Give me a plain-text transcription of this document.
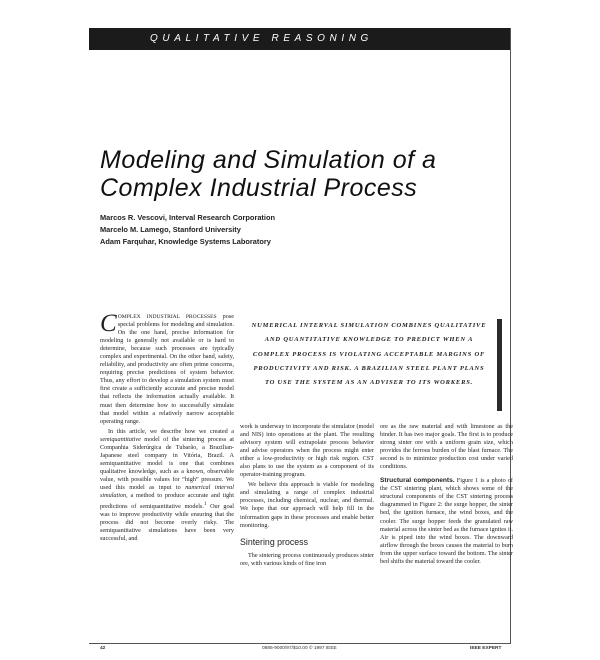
QUALITATIVE REASONING
Modeling and Simulation of a Complex Industrial Process
Marcos R. Vescovi, Interval Research Corporation
Marcelo M. Lamego, Stanford University
Adam Farquhar, Knowledge Systems Laboratory

COMPLEX INDUSTRIAL PROCESSES pose special problems for modeling and simulation. On the one hand, precise information for modeling is generally not available or is hard to determine, because such processes are typically complex and experimental. On the other hand, safety, reliability, and productivity are often prime concerns, requiring precise predictions of system behavior. Thus, any effort to develop a simulation system must first create a sufficiently accurate and precise model that reflects the information actually available. It must then determine how to successfully simulate that model within a relatively narrow acceptable operating range.

In this article, we describe how we created a semiquantitative model of the sintering process at Companhia Siderúrgica de Tubarão, a Brazilian-Japanese steel company in Vitória, Brazil. A semiquantitative model is one that combines qualitative knowledge, such as a known, observable value, with possible values for “high” pressure. We used this model as input to numerical interval simulation, a method to produce accurate and tight predictions of semiquantitative models.$^1$ Our goal was to improve productivity while ensuring that the process did not become overly risky. The semiquantitative simulations have been very successful, and

NUMERICAL INTERVAL SIMULATION COMBINES QUALITATIVE AND QUANTITATIVE KNOWLEDGE TO PREDICT WHEN A COMPLEX PROCESS IS VIOLATING ACCEPTABLE MARGINS OF PRODUCTIVITY AND RISK. A BRAZILIAN STEEL PLANT PLANS TO USE THE SYSTEM AS AN ADVISER TO ITS WORKERS.

work is underway to incorporate the simulator (model and NIS) into operations at the plant. The resulting advisory system will extrapolate process behavior and advise operators when the process might enter either a low-productivity or high risk region. CST also plans to use the system as a component of its operator-training program.

We believe this approach is viable for modeling and simulating a range of complex industrial processes, including chemical, nuclear, and thermal. We hope that our approach will help fill in the information gaps in these processes and enable better monitoring.

Sintering process

The sintering process continuously produces sinter ore, with various kinds of fine iron

ore as the raw material and with limestone as the binder. It has two major goals. The first is to produce strong sinter ore with a uniform grain size, which provides the ferrous burden of the blast furnace. The second is to minimize production cost under varied conditions.

Structural components. Figure 1 is a photo of the CST sintering plant, which shows some of the structural components of the CST sintering process diagrammed in Figure 2: the surge hopper, the sinter bed, the ignition furnace, the wind boxes, and the cooler. The surge hopper feeds the granulated raw material across the sinter bed as the furnace ignites it. Air is piped into the wind boxes. The downward airflow through the boxes causes the material to burn from the upper surface toward the bottom. The sinter bed shifts the material toward the cooler.

42	0885-9000/97/$10.00 © 1997 IEEE	IEEE EXPERT
